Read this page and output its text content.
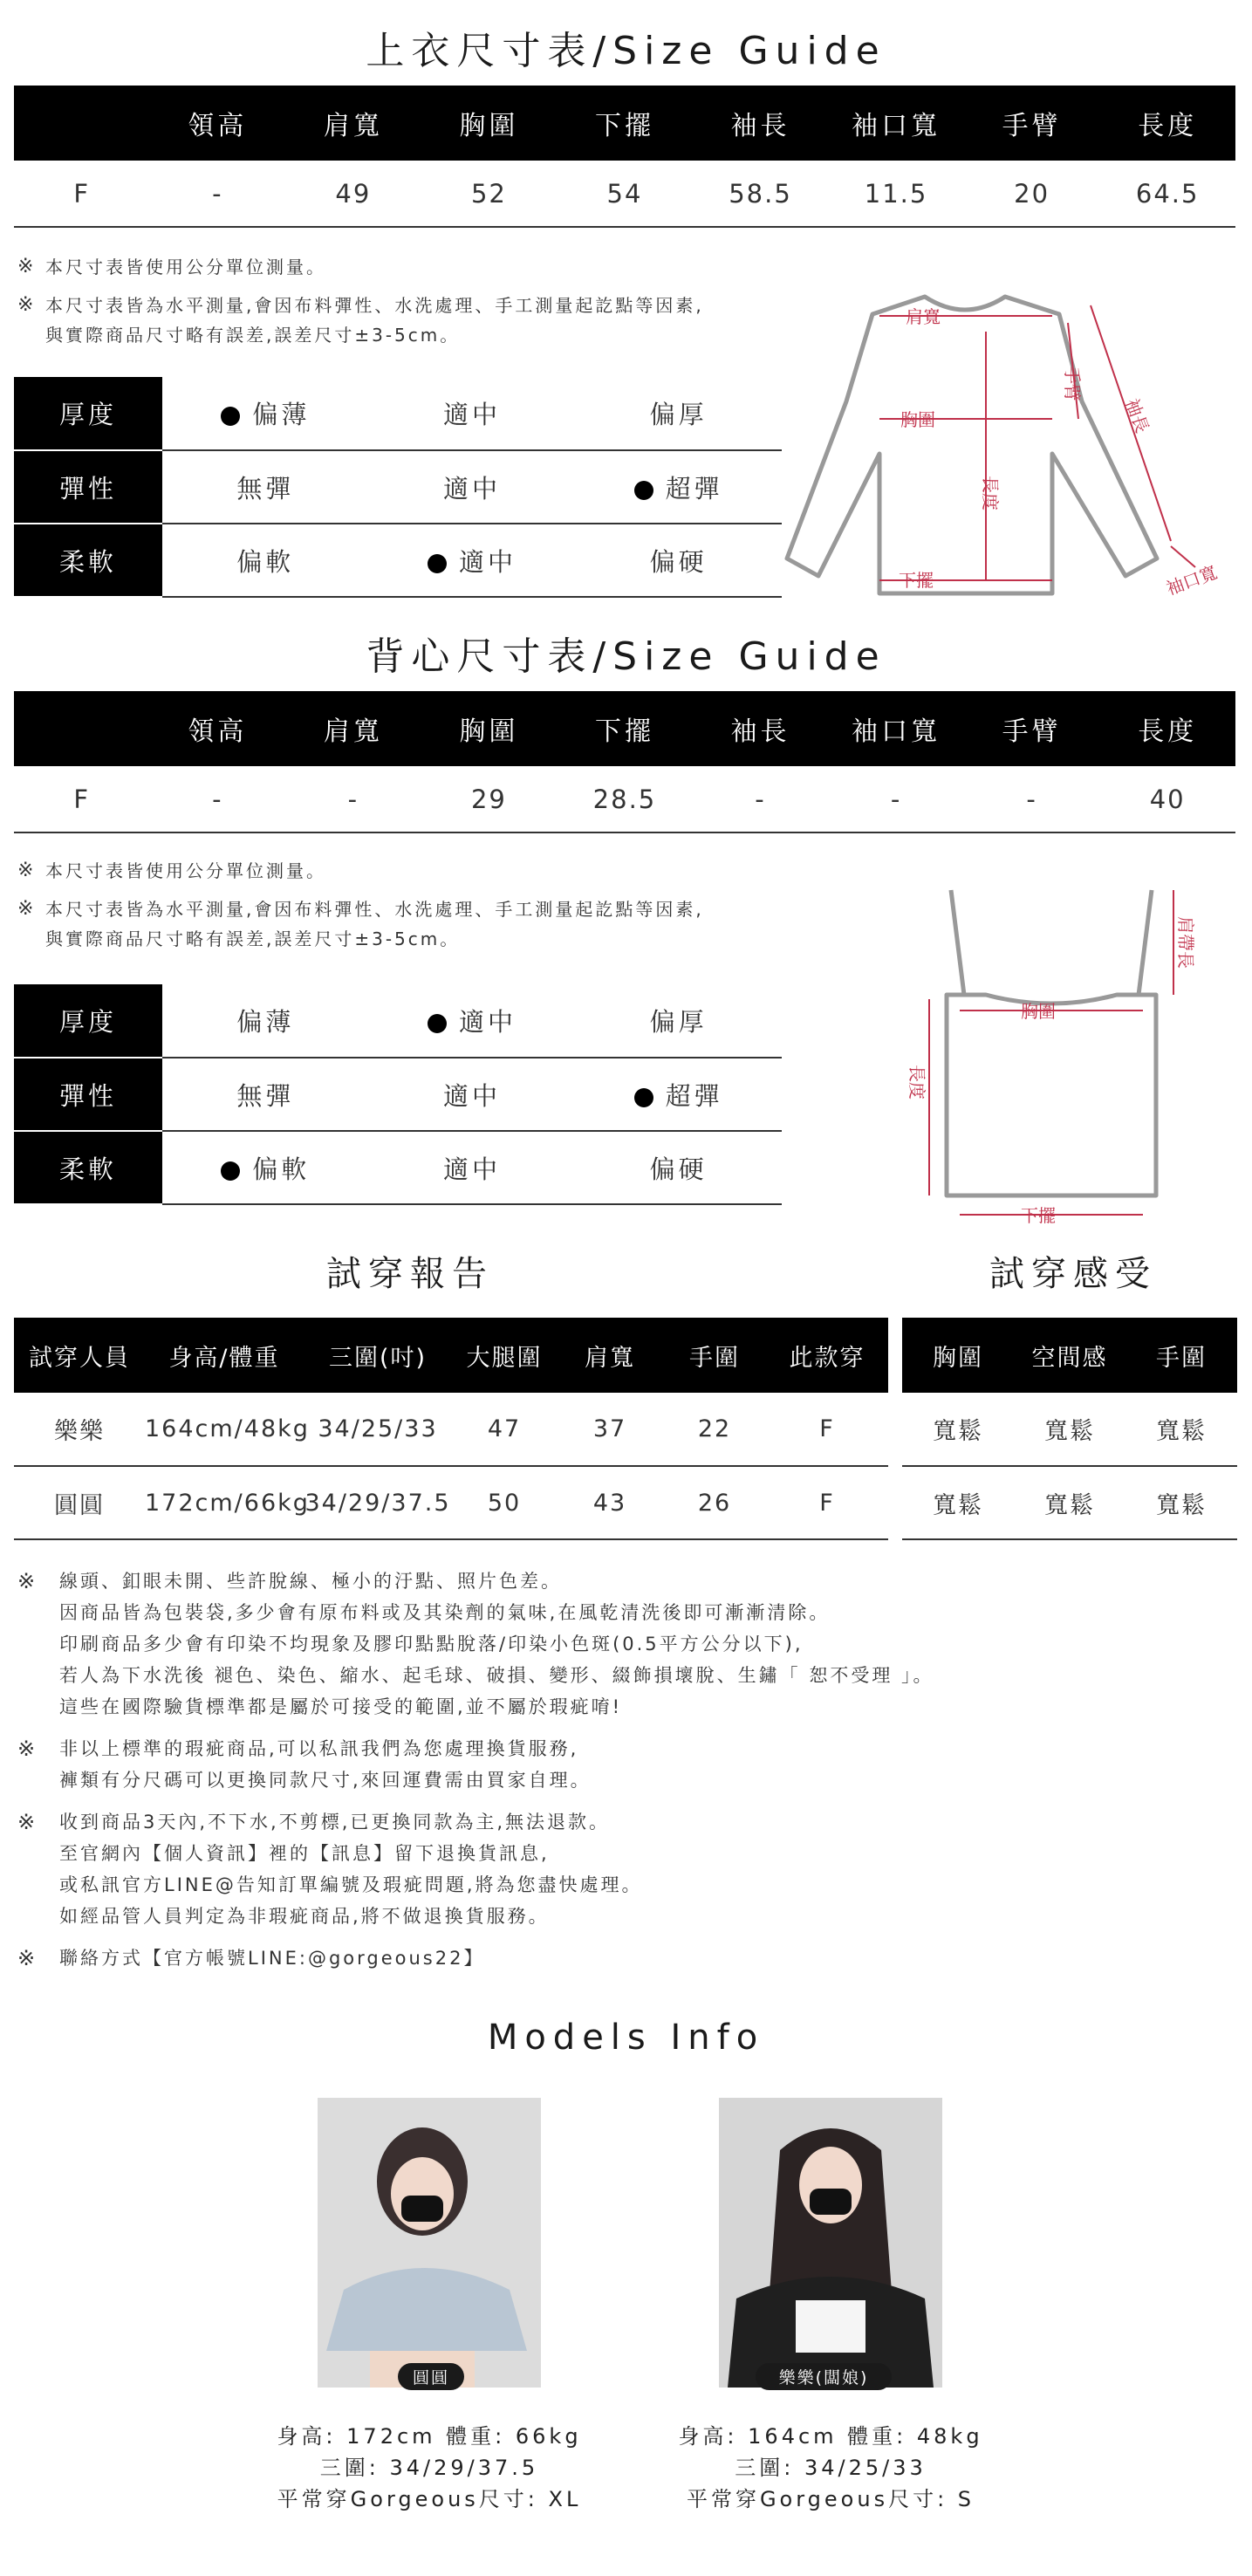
上衣尺寸表/Size Guide
	領高	肩寬	胸圍	下擺	袖長	袖口寬	手臂	長度
F	-	49	52	54	58.5	11.5	20	64.5
※ 本尺寸表皆使用公分單位測量。
※ 本尺寸表皆為水平測量,會因布料彈性、水洗處理、手工測量起訖點等因素,
與實際商品尺寸略有誤差,誤差尺寸±3-5cm。
厚度	偏薄	適中	偏厚
彈性	無彈	適中	超彈
柔軟	偏軟	適中	偏硬
肩寬
手臂
袖長
胸圍
長度
下擺	袖口寬
背心尺寸表/Size Guide
	領高	肩寬	胸圍	下擺	袖長	袖口寬	手臂	長度
F	-	-	29	28.5	-	-	-	40
※ 本尺寸表皆使用公分單位測量。
※ 本尺寸表皆為水平測量,會因布料彈性、水洗處理、手工測量起訖點等因素,
與實際商品尺寸略有誤差,誤差尺寸±3-5cm。
厚度	偏薄	適中	偏厚
彈性	無彈	適中	超彈
柔軟	偏軟	適中	偏硬
胸圍
長度
下擺
肩帶長
試穿報告	試穿感受
試穿人員	身高/體重	三圍(吋)	大腿圍	肩寬	手圍	此款穿
樂樂	164cm/48kg	34/25/33	47	37	22	F
圓圓	172cm/66kg	34/29/37.5	50	43	26	F
胸圍	空間感	手圍
寬鬆	寬鬆	寬鬆
寬鬆	寬鬆	寬鬆
※	線頭、釦眼未開、些許脫線、極小的汙點、照片色差。
因商品皆為包裝袋,多少會有原布料或及其染劑的氣味,在風乾清洗後即可漸漸清除。
印刷商品多少會有印染不均現象及膠印點點脫落/印染小色斑(0.5平方公分以下),
若人為下水洗後 褪色、染色、縮水、起毛球、破損、變形、綴飾損壞脫、生鏽「 恕不受理 」。
這些在國際驗貨標準都是屬於可接受的範圍,並不屬於瑕疵唷!
※	非以上標準的瑕疵商品,可以私訊我們為您處理換貨服務,
褲類有分尺碼可以更換同款尺寸,來回運費需由買家自理。
※	收到商品3天內,不下水,不剪標,已更換同款為主,無法退款。
至官網內【個人資訊】裡的【訊息】留下退換貨訊息,
或私訊官方LINE@告知訂單編號及瑕疵問題,將為您盡快處理。
如經品管人員判定為非瑕疵商品,將不做退換貨服務。
※	聯絡方式【官方帳號LINE:@gorgeous22】
Models Info
圓圓	樂樂(闆娘)
身高: 172cm 體重: 66kg
三圍: 34/29/37.5
平常穿Gorgeous尺寸: XL
身高: 164cm 體重: 48kg
三圍: 34/25/33
平常穿Gorgeous尺寸: S
